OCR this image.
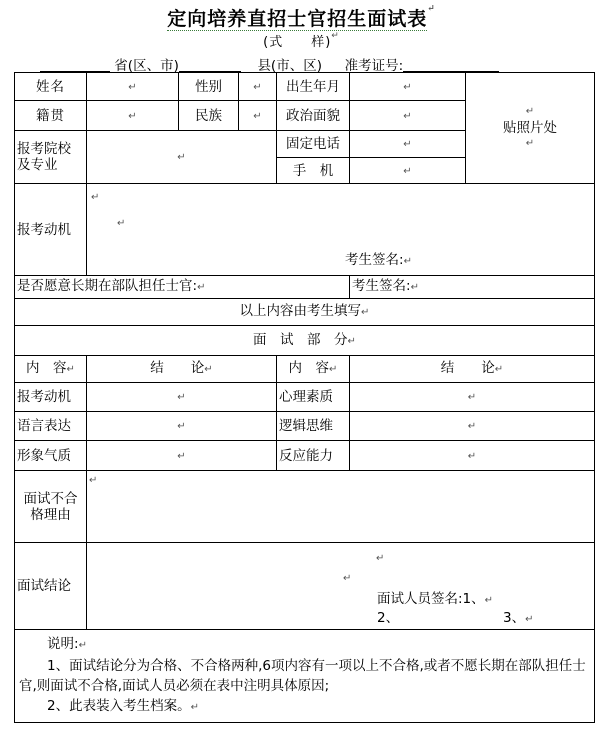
定向培养直招士官招生面试表↵
(式　　样)↵
省(区、市)	县(市、区) 准考证号:
姓名	↵	性别	↵	出生年月	↵	↵
贴照片处
↵

籍贯	↵	民族	↵	政治面貌	↵	
报考院校及专业	↵			固定电话	↵	
				手　机	↵	
报考动机	↵
↵
考生签名:↵					

是否愿意长期在部队担任士官:↵					考生签名:↵	
以上内容由考生填写↵						
面　试　部　分↵						
内　容↵	结　　论↵			内　容↵	结　　论↵	
报考动机	↵			心理素质	↵	
语言表达	↵			逻辑思维	↵	
形象气质	↵			反应能力	↵	
面试不合格理由	↵					
面试结论	↵
↵
面试人员签名:1、↵
2、 3、↵					

说明:↵
1、面试结论分为合格、不合格两种,6项内容有一项以上不合格,或者不愿长期在部队担任士官,则面试不合格,面试人员必须在表中注明具体原因;
2、此表装入考生档案。↵						
